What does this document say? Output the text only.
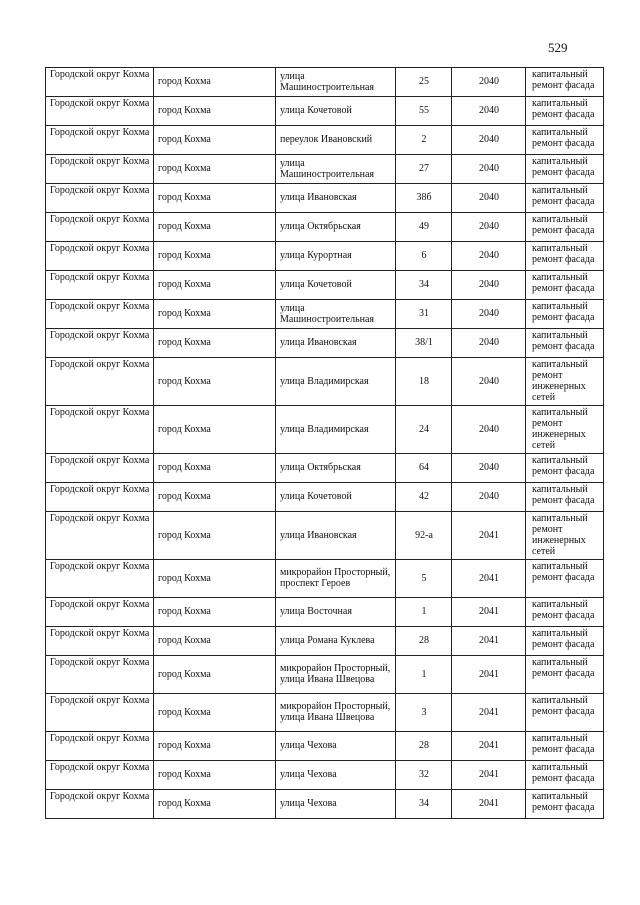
529
Городской округ Кохма	город Кохма	улица Машиностроительная	25	2040	капитальный ремонт фасада
Городской округ Кохма	город Кохма	улица Кочетовой	55	2040	капитальный ремонт фасада
Городской округ Кохма	город Кохма	переулок Ивановский	2	2040	капитальный ремонт фасада
Городской округ Кохма	город Кохма	улица Машиностроительная	27	2040	капитальный ремонт фасада
Городской округ Кохма	город Кохма	улица Ивановская	38б	2040	капитальный ремонт фасада
Городской округ Кохма	город Кохма	улица Октябрьская	49	2040	капитальный ремонт фасада
Городской округ Кохма	город Кохма	улица Курортная	6	2040	капитальный ремонт фасада
Городской округ Кохма	город Кохма	улица Кочетовой	34	2040	капитальный ремонт фасада
Городской округ Кохма	город Кохма	улица Машиностроительная	31	2040	капитальный ремонт фасада
Городской округ Кохма	город Кохма	улица Ивановская	38/1	2040	капитальный ремонт фасада
Городской округ Кохма	город Кохма	улица Владимирская	18	2040	капитальный ремонт инженерных сетей
Городской округ Кохма	город Кохма	улица Владимирская	24	2040	капитальный ремонт инженерных сетей
Городской округ Кохма	город Кохма	улица Октябрьская	64	2040	капитальный ремонт фасада
Городской округ Кохма	город Кохма	улица Кочетовой	42	2040	капитальный ремонт фасада
Городской округ Кохма	город Кохма	улица Ивановская	92-а	2041	капитальный ремонт инженерных сетей
Городской округ Кохма	город Кохма	микрорайон Просторный, проспект Героев	5	2041	капитальный ремонт фасада
Городской округ Кохма	город Кохма	улица Восточная	1	2041	капитальный ремонт фасада
Городской округ Кохма	город Кохма	улица Романа Куклева	28	2041	капитальный ремонт фасада
Городской округ Кохма	город Кохма	микрорайон Просторный, улица Ивана Швецова	1	2041	капитальный ремонт фасада
Городской округ Кохма	город Кохма	микрорайон Просторный, улица Ивана Швецова	3	2041	капитальный ремонт фасада
Городской округ Кохма	город Кохма	улица Чехова	28	2041	капитальный ремонт фасада
Городской округ Кохма	город Кохма	улица Чехова	32	2041	капитальный ремонт фасада
Городской округ Кохма	город Кохма	улица Чехова	34	2041	капитальный ремонт фасада
